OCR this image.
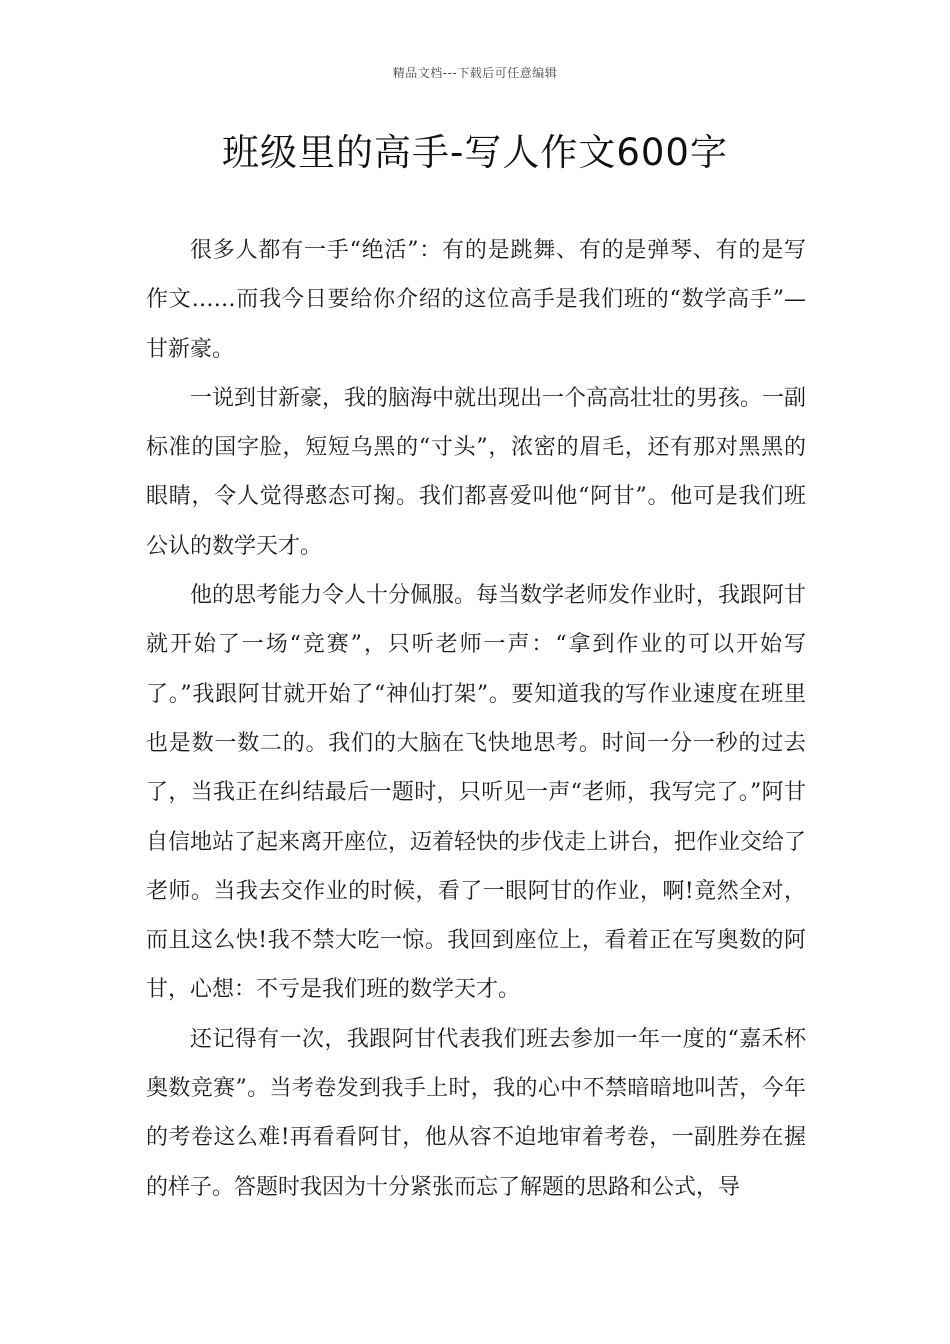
精品文档---下载后可任意编辑
班级里的高手-写人作文600字

很多人都有一手“绝活”：有的是跳舞、有的是弹琴、有的是写作文……而我今日要给你介绍的这位高手是我们班的“数学高手”—甘新豪。

一说到甘新豪，我的脑海中就出现出一个高高壮壮的男孩。一副标准的国字脸，短短乌黑的“寸头”，浓密的眉毛，还有那对黑黑的眼睛，令人觉得憨态可掬。我们都喜爱叫他“阿甘”。他可是我们班公认的数学天才。

他的思考能力令人十分佩服。每当数学老师发作业时，我跟阿甘就开始了一场“竞赛”，只听老师一声：“拿到作业的可以开始写了。”我跟阿甘就开始了“神仙打架”。要知道我的写作业速度在班里也是数一数二的。我们的大脑在飞快地思考。时间一分一秒的过去了，当我正在纠结最后一题时，只听见一声“老师，我写完了。”阿甘自信地站了起来离开座位，迈着轻快的步伐走上讲台，把作业交给了老师。当我去交作业的时候，看了一眼阿甘的作业，啊!竟然全对，而且这么快!我不禁大吃一惊。我回到座位上，看着正在写奥数的阿甘，心想：不亏是我们班的数学天才。

还记得有一次，我跟阿甘代表我们班去参加一年一度的“嘉禾杯奥数竞赛”。当考卷发到我手上时，我的心中不禁暗暗地叫苦，今年的考卷这么难!再看看阿甘，他从容不迫地审着考卷，一副胜券在握的样子。答题时我因为十分紧张而忘了解题的思路和公式，导
